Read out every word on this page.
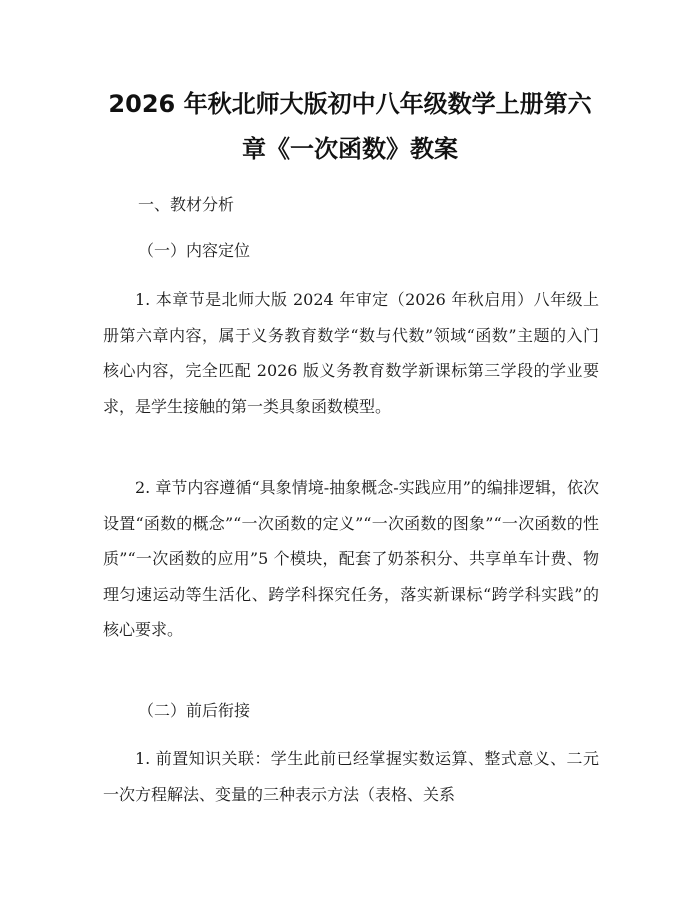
2026 年秋北师大版初中八年级数学上册第六
章《一次函数》教案
一、教材分析
（一）内容定位
1. 本章节是北师大版 2024 年审定（2026 年秋启用）八年级上册第六章内容，属于义务教育数学“数与代数”领域“函数”主题的入门核心内容，完全匹配 2026 版义务教育数学新课标第三学段的学业要求，是学生接触的第一类具象函数模型。
2. 章节内容遵循“具象情境-抽象概念-实践应用”的编排逻辑，依次设置“函数的概念”“一次函数的定义”“一次函数的图象”“一次函数的性质”“一次函数的应用”5 个模块，配套了奶茶积分、共享单车计费、物理匀速运动等生活化、跨学科探究任务，落实新课标“跨学科实践”的核心要求。
（二）前后衔接
1. 前置知识关联：学生此前已经掌握实数运算、整式意义、二元一次方程解法、变量的三种表示方法（表格、关系
